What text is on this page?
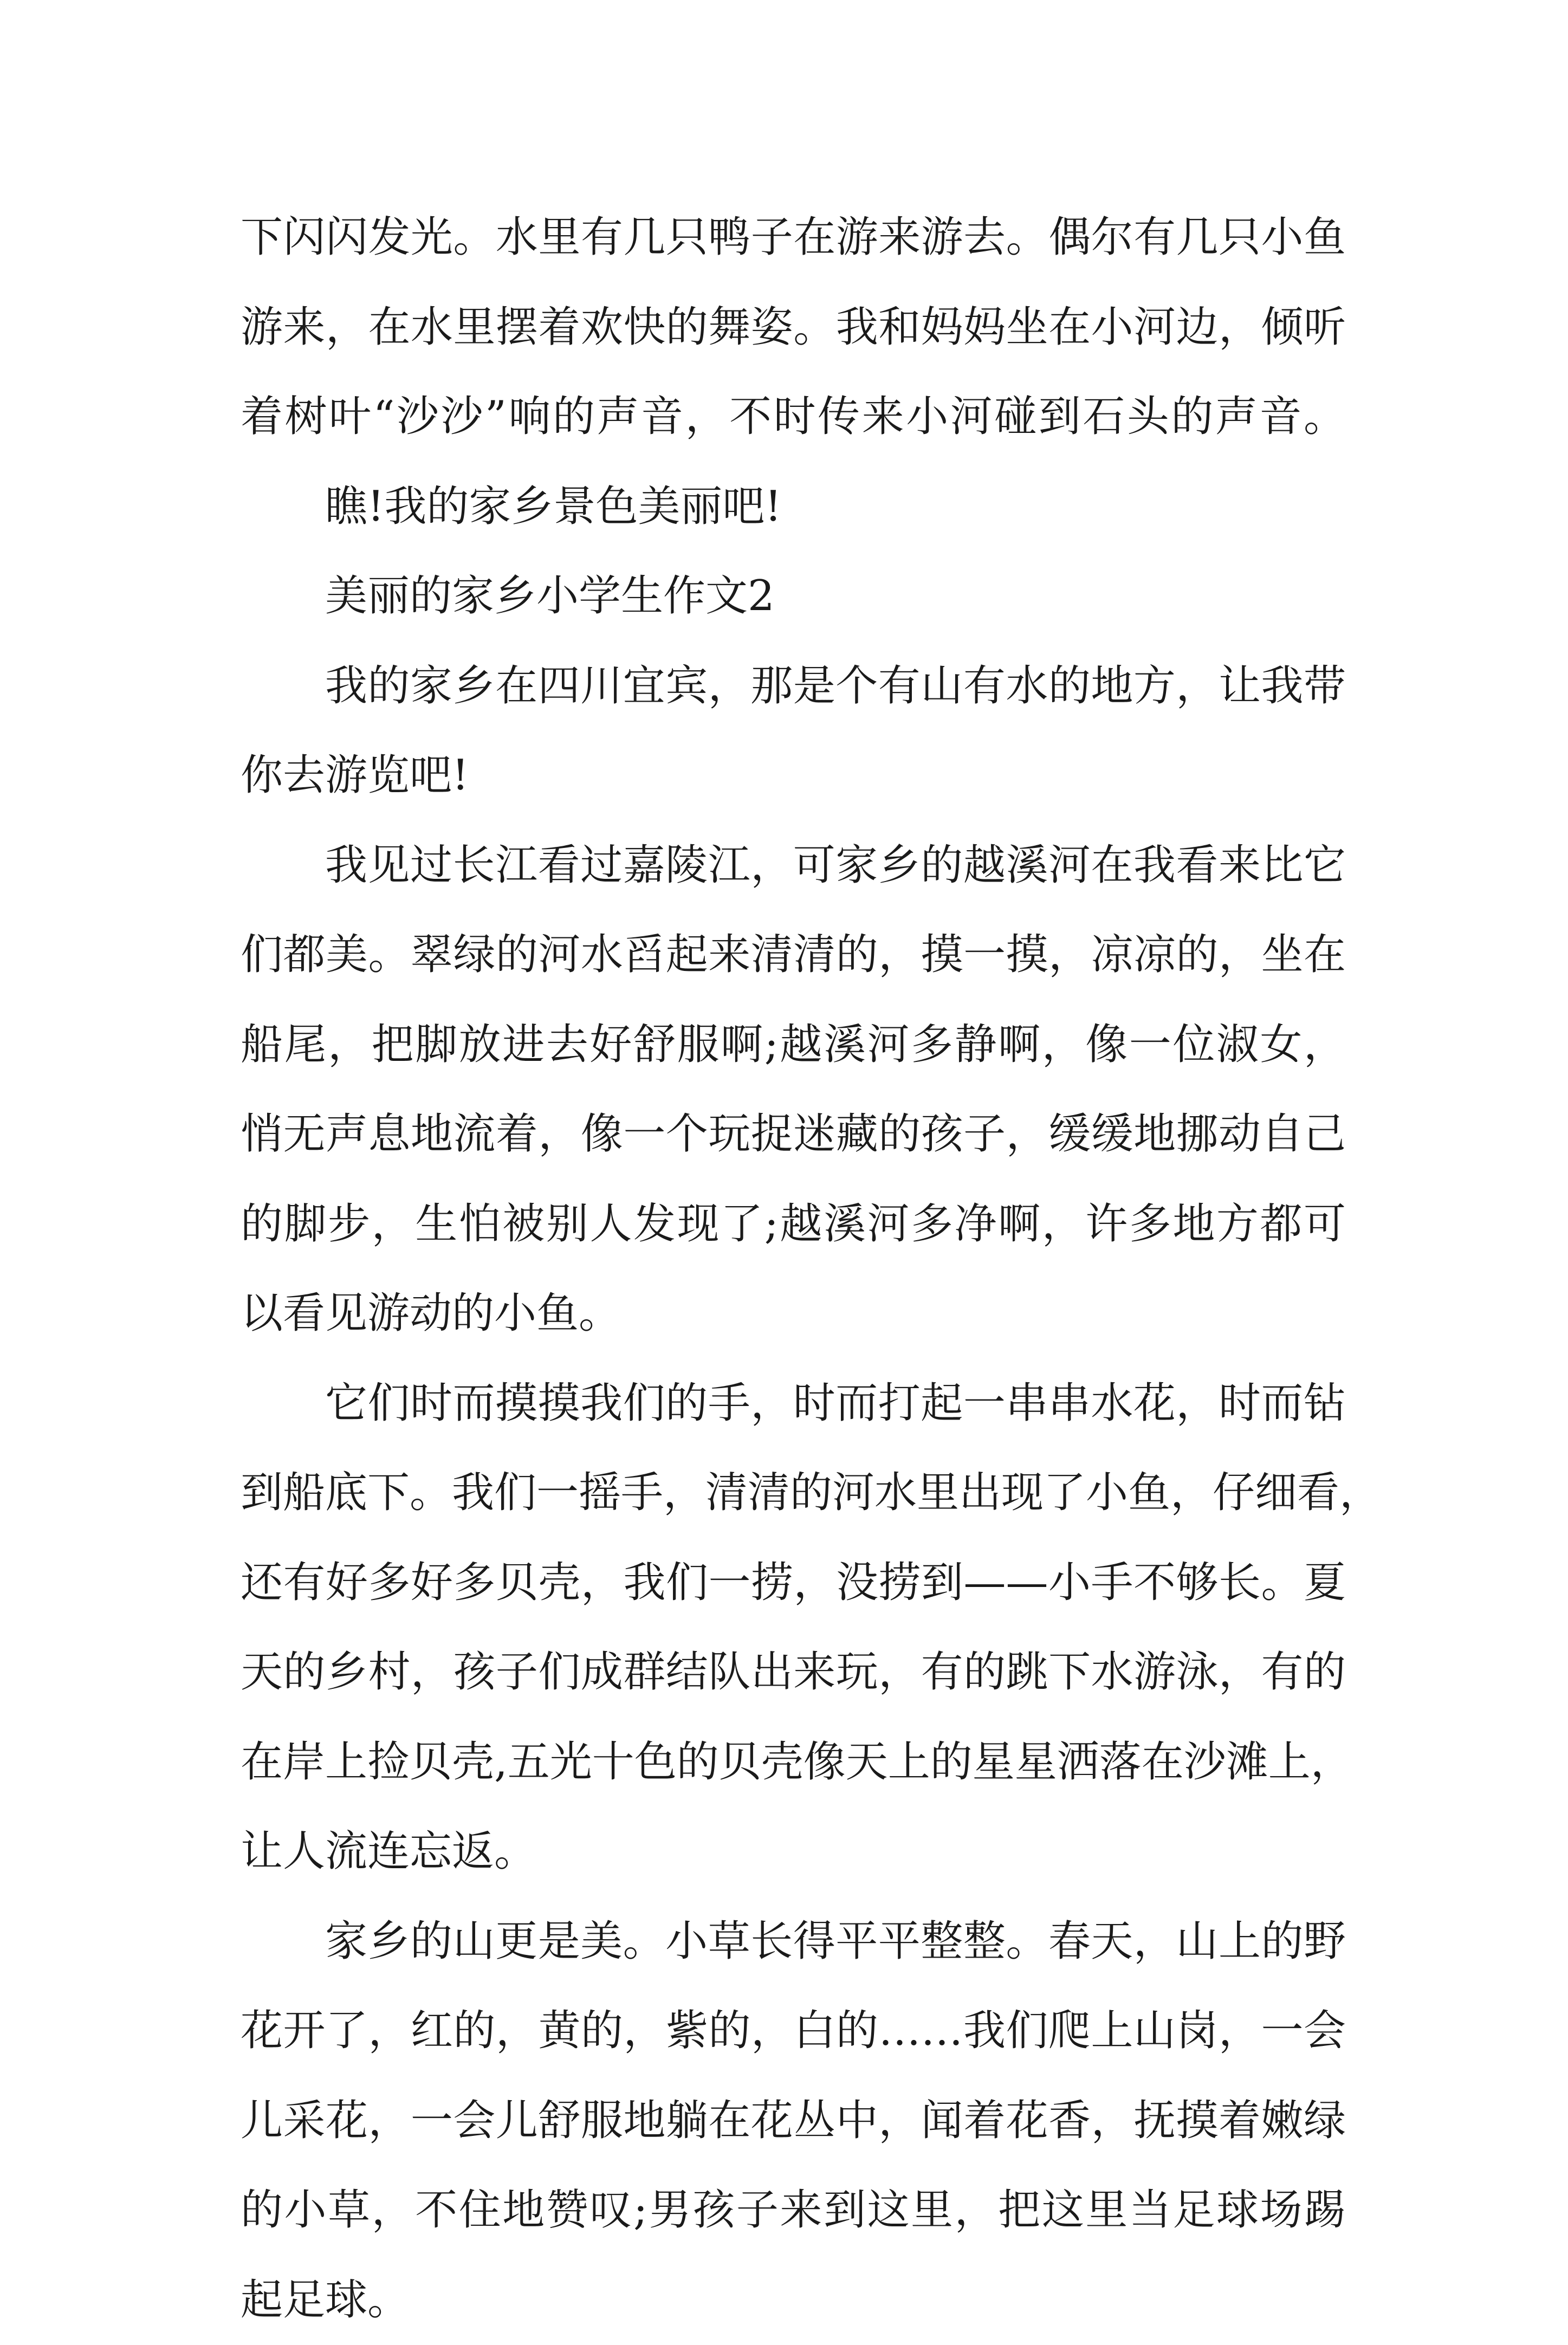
下闪闪发光。水里有几只鸭子在游来游去。偶尔有几只小鱼
游来，在水里摆着欢快的舞姿。我和妈妈坐在小河边，倾听
着树叶“沙沙”响的声音，不时传来小河碰到石头的声音。
瞧!我的家乡景色美丽吧!
美丽的家乡小学生作文2
我的家乡在四川宜宾，那是个有山有水的地方，让我带
你去游览吧!
我见过长江看过嘉陵江，可家乡的越溪河在我看来比它
们都美。翠绿的河水舀起来清清的，摸一摸，凉凉的，坐在
船尾，把脚放进去好舒服啊;越溪河多静啊，像一位淑女，
悄无声息地流着，像一个玩捉迷藏的孩子，缓缓地挪动自己
的脚步，生怕被别人发现了;越溪河多净啊，许多地方都可
以看见游动的小鱼。
它们时而摸摸我们的手，时而打起一串串水花，时而钻
到船底下。我们一摇手，清清的河水里出现了小鱼，仔细看，
还有好多好多贝壳，我们一捞，没捞到——小手不够长。夏
天的乡村，孩子们成群结队出来玩，有的跳下水游泳，有的
在岸上捡贝壳,五光十色的贝壳像天上的星星洒落在沙滩上，
让人流连忘返。
家乡的山更是美。小草长得平平整整。春天，山上的野
花开了，红的，黄的，紫的，白的……我们爬上山岗，一会
儿采花，一会儿舒服地躺在花丛中，闻着花香，抚摸着嫩绿
的小草，不住地赞叹;男孩子来到这里，把这里当足球场踢
起足球。
